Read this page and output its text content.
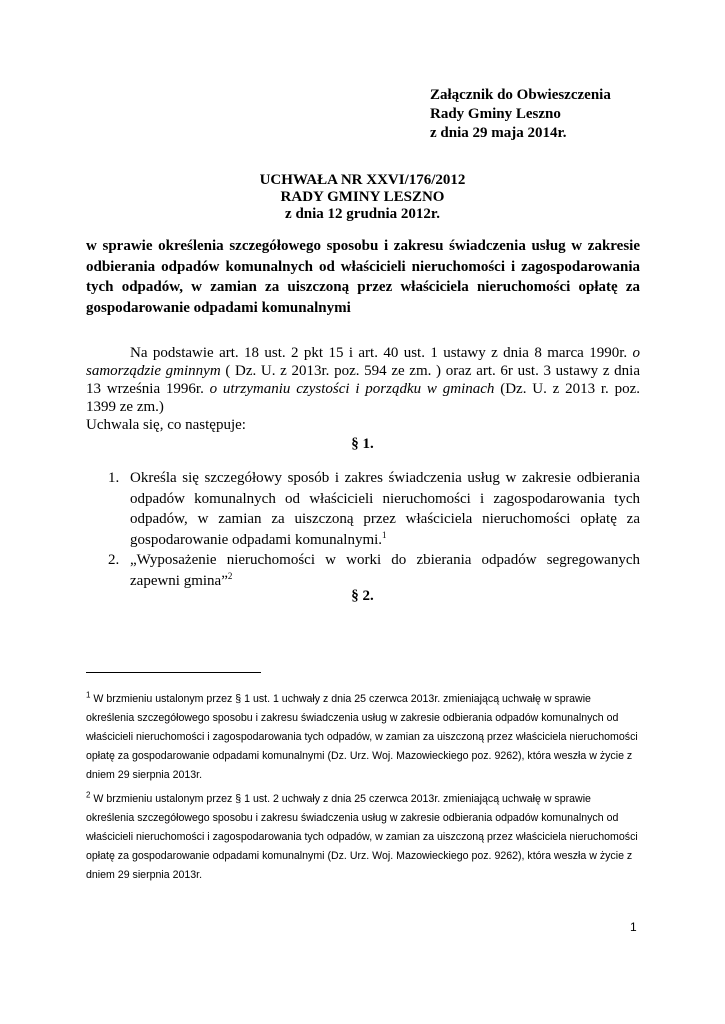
Załącznik do Obwieszczenia
Rady Gminy Leszno
z dnia 29 maja 2014r.
UCHWAŁA NR XXVI/176/2012
RADY GMINY LESZNO
z dnia 12 grudnia 2012r.
w sprawie określenia szczegółowego sposobu i zakresu świadczenia usług w zakresie odbierania odpadów komunalnych od właścicieli nieruchomości i zagospodarowania tych odpadów, w zamian za uiszczoną przez właściciela nieruchomości opłatę za gospodarowanie odpadami komunalnymi
Na podstawie art. 18 ust. 2 pkt 15 i art. 40 ust. 1 ustawy z dnia 8 marca 1990r. o samorządzie gminnym ( Dz. U. z 2013r. poz. 594 ze zm. ) oraz art. 6r ust. 3 ustawy z dnia 13 września 1996r. o utrzymaniu czystości i porządku w gminach (Dz. U. z 2013 r. poz. 1399 ze zm.)
Uchwala się, co następuje:
§ 1.
1. Określa się szczegółowy sposób i zakres świadczenia usług w zakresie odbierania odpadów komunalnych od właścicieli nieruchomości i zagospodarowania tych odpadów, w zamian za uiszczoną przez właściciela nieruchomości opłatę za gospodarowanie odpadami komunalnymi.$^1$
2. „Wyposażenie nieruchomości w worki do zbierania odpadów segregowanych zapewni gmina”$^2$
§ 2.
$^1$ W brzmieniu ustalonym przez § 1 ust. 1 uchwały z dnia 25 czerwca 2013r. zmieniającą uchwałę w sprawie określenia szczegółowego sposobu i zakresu świadczenia usług w zakresie odbierania odpadów komunalnych od właścicieli nieruchomości i zagospodarowania tych odpadów, w zamian za uiszczoną przez właściciela nieruchomości opłatę za gospodarowanie odpadami komunalnymi (Dz. Urz. Woj. Mazowieckiego poz. 9262), która weszła w życie z dniem 29 sierpnia 2013r.
$^2$ W brzmieniu ustalonym przez § 1 ust. 2 uchwały z dnia 25 czerwca 2013r. zmieniającą uchwałę w sprawie określenia szczegółowego sposobu i zakresu świadczenia usług w zakresie odbierania odpadów komunalnych od właścicieli nieruchomości i zagospodarowania tych odpadów, w zamian za uiszczoną przez właściciela nieruchomości opłatę za gospodarowanie odpadami komunalnymi (Dz. Urz. Woj. Mazowieckiego poz. 9262), która weszła w życie z dniem 29 sierpnia 2013r.
1
